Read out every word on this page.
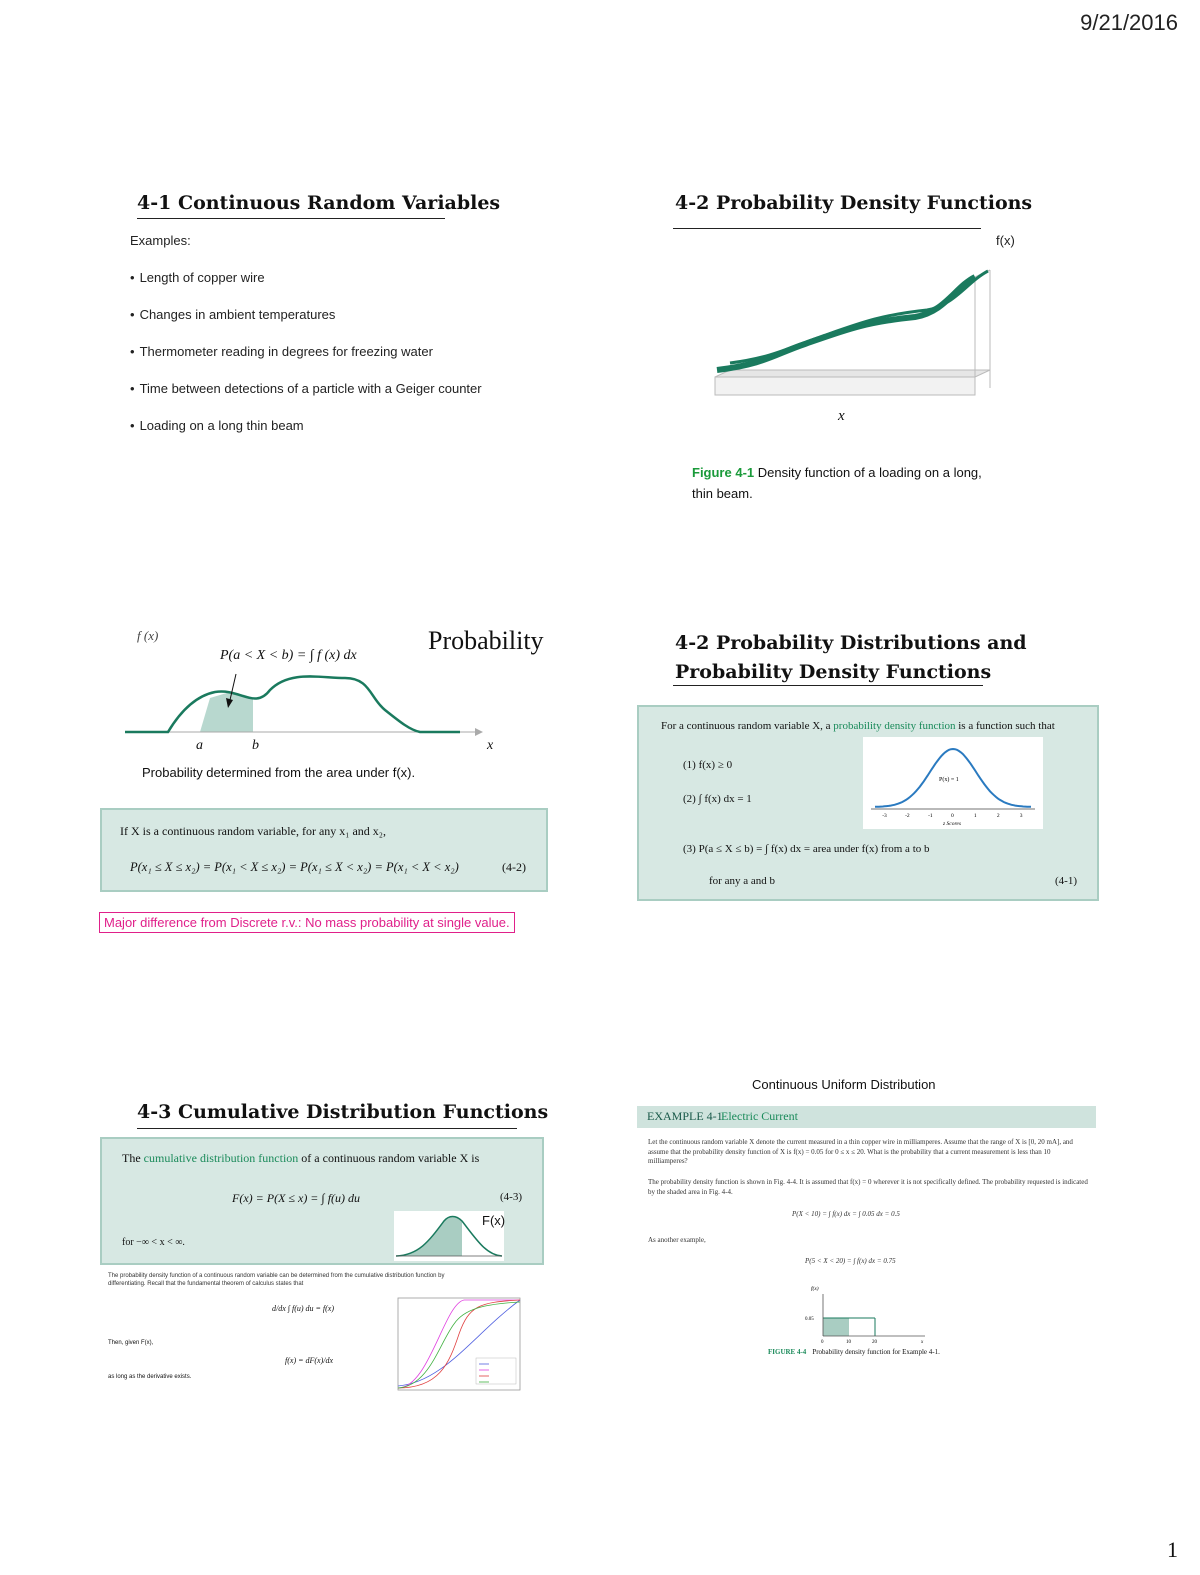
9/21/2016
1
4-1 Continuous Random Variables
Examples:
• Length of copper wire
• Changes in ambient temperatures
• Thermometer reading in degrees for freezing water
• Time between detections of a particle with a Geiger counter
• Loading on a long thin beam
4-2 Probability Density Functions
f(x)
x
Figure 4-1 Density function of a loading on a long,
thin beam.
Probability
f (x)
P(a < X < b) = ∫ f (x) dx
a	b	x
Probability determined from the area under f(x).
If X is a continuous random variable, for any x₁ and x₂,
P(x₁ ≤ X ≤ x₂) = P(x₁ < X ≤ x₂) = P(x₁ ≤ X < x₂) = P(x₁ < X < x₂)	(4-2)
Major difference from Discrete r.v.: No mass probability at single value.
4-2 Probability Distributions and
Probability Density Functions
For a continuous random variable X, a probability density function is a function such that
(1) f(x) ≥ 0
(2) ∫ f(x) dx = 1
(3) P(a ≤ X ≤ b) = ∫ f(x) dx = area under f(x) from a to b
for any a and b	(4-1)
-3	-2	-1	0	1	2	3
P(x) = 1
z Scores
4-3 Cumulative Distribution Functions
The cumulative distribution function of a continuous random variable X is
F(x) = P(X ≤ x) = ∫ f(u) du	(4-3)
for −∞ < x < ∞.
F(x)
The probability density function of a continuous random variable can be determined from the cumulative distribution function by
differentiating. Recall that the fundamental theorem of calculus states that
d/dx ∫ f(u) du = f(x)
Then, given F(x),
f(x) = dF(x)/dx
as long as the derivative exists.
Continuous Uniform Distribution
EXAMPLE 4-1
Electric Current
Let the continuous random variable X denote the current measured in a thin copper wire in milliamperes. Assume that the range of X is [0, 20 mA], and assume that the probability density function of X is f(x) = 0.05 for 0 ≤ x ≤ 20. What is the probability that a current measurement is less than 10 milliamperes?
The probability density function is shown in Fig. 4-4. It is assumed that f(x) = 0 wherever it is not specifically defined. The probability requested is indicated by the shaded area in Fig. 4-4.
P(X < 10) = ∫ f(x) dx = ∫ 0.05 dx = 0.5
As another example,
P(5 < X < 20) = ∫ f(x) dx = 0.75
f(x)
0.05
0	10	20	x
FIGURE 4-4 Probability density function for Example 4-1.
